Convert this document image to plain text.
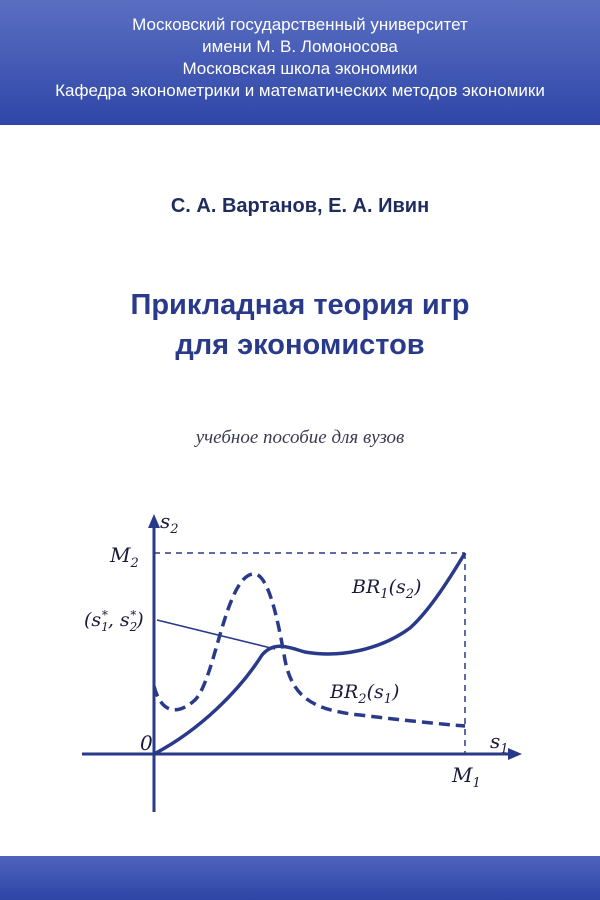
Московский государственный университет
имени М. В. Ломоносова
Московская школа экономики
Кафедра эконометрики и математических методов экономики
С. А. Вартанов, Е. А. Ивин
Прикладная теория игр
для экономистов
учебное пособие для вузов
$s_2$
$s_1$
0
$M_2$
$M_1$
($s_1*$, $s_2*$)
$BR_1(s_2)$
$BR_2(s_1)$
